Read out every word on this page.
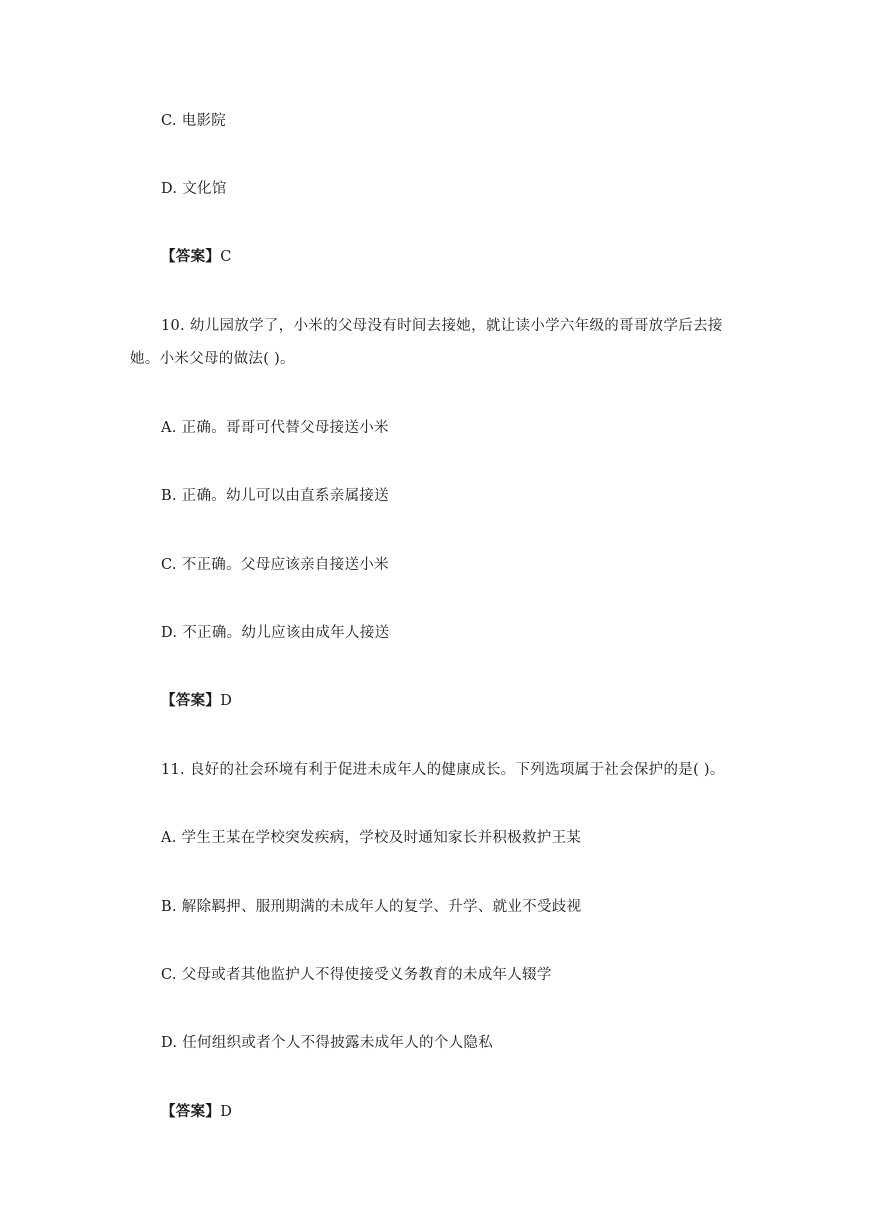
C. 电影院
D. 文化馆
【答案】C
10. 幼儿园放学了，小米的父母没有时间去接她，就让读小学六年级的哥哥放学后去接
她。小米父母的做法( )。
A. 正确。哥哥可代替父母接送小米
B. 正确。幼儿可以由直系亲属接送
C. 不正确。父母应该亲自接送小米
D. 不正确。幼儿应该由成年人接送
【答案】D
11. 良好的社会环境有利于促进未成年人的健康成长。下列选项属于社会保护的是( )。
A. 学生王某在学校突发疾病，学校及时通知家长并积极救护王某
B. 解除羁押、服刑期满的未成年人的复学、升学、就业不受歧视
C. 父母或者其他监护人不得使接受义务教育的未成年人辍学
D. 任何组织或者个人不得披露未成年人的个人隐私
【答案】D
